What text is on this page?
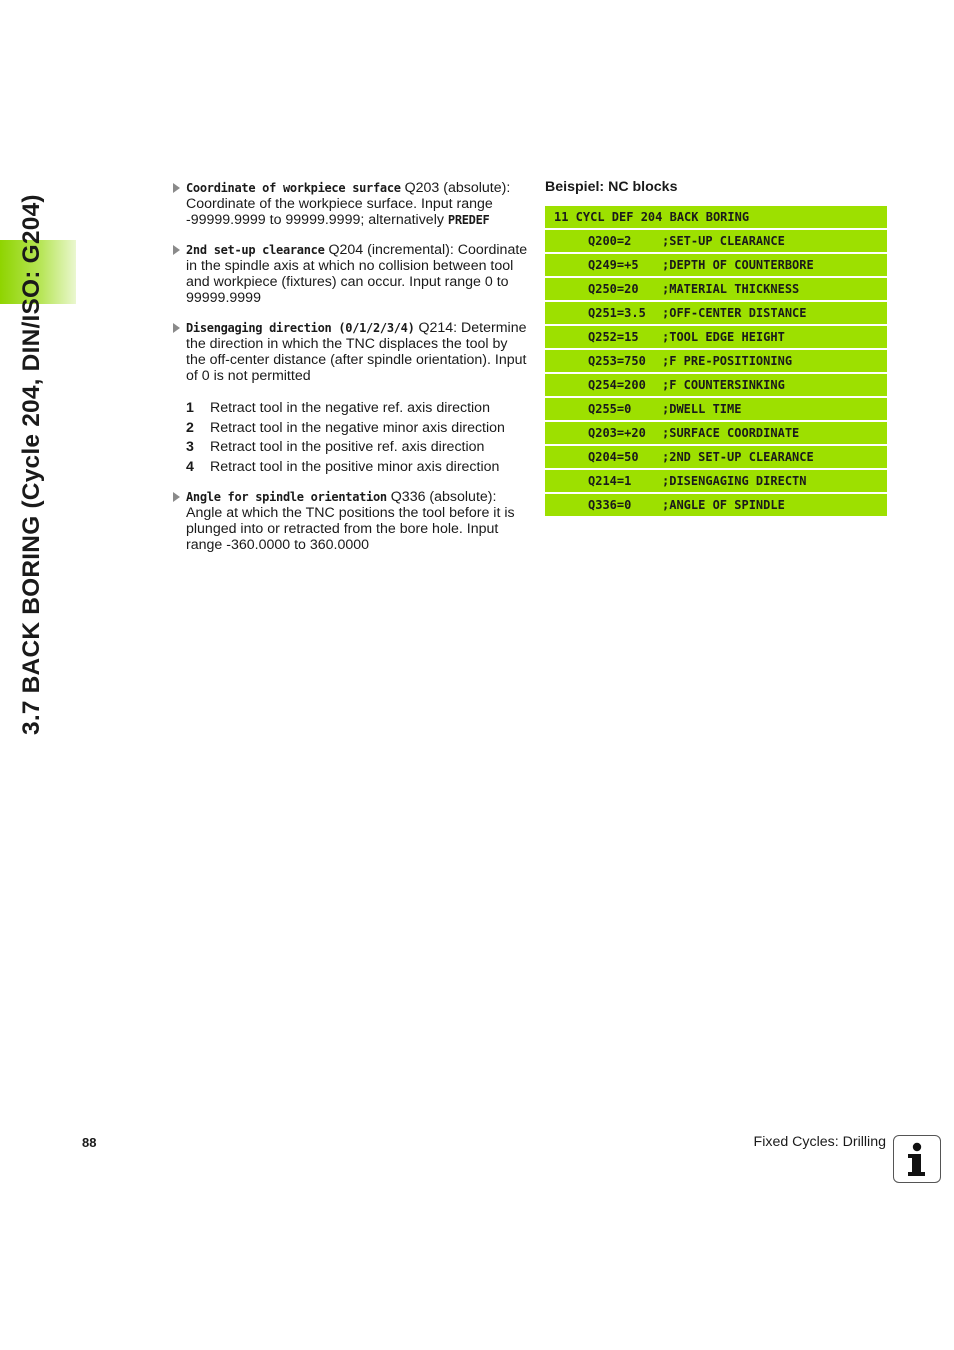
3.7 BACK BORING (Cycle 204, DIN/ISO: G204)
Coordinate of workpiece surface Q203 (absolute): Coordinate of the workpiece surface. Input range -99999.9999 to 99999.9999; alternatively PREDEF
2nd set-up clearance Q204 (incremental): Coordinate in the spindle axis at which no collision between tool and workpiece (fixtures) can occur. Input range 0 to 99999.9999
Disengaging direction (0/1/2/3/4) Q214: Determine the direction in which the TNC displaces the tool by the off-center distance (after spindle orientation). Input of 0 is not permitted
1	Retract tool in the negative ref. axis direction
2	Retract tool in the negative minor axis direction
3	Retract tool in the positive ref. axis direction
4	Retract tool in the positive minor axis direction
Angle for spindle orientation Q336 (absolute): Angle at which the TNC positions the tool before it is plunged into or retracted from the bore hole. Input range -360.0000 to 360.0000
Beispiel: NC blocks
11 CYCL DEF 204 BACK BORING
Q200=2	;SET-UP CLEARANCE
Q249=+5	;DEPTH OF COUNTERBORE
Q250=20	;MATERIAL THICKNESS
Q251=3.5	;OFF-CENTER DISTANCE
Q252=15	;TOOL EDGE HEIGHT
Q253=750	;F PRE-POSITIONING
Q254=200	;F COUNTERSINKING
Q255=0	;DWELL TIME
Q203=+20	;SURFACE COORDINATE
Q204=50	;2ND SET-UP CLEARANCE
Q214=1	;DISENGAGING DIRECTN
Q336=0	;ANGLE OF SPINDLE
88	Fixed Cycles: Drilling
